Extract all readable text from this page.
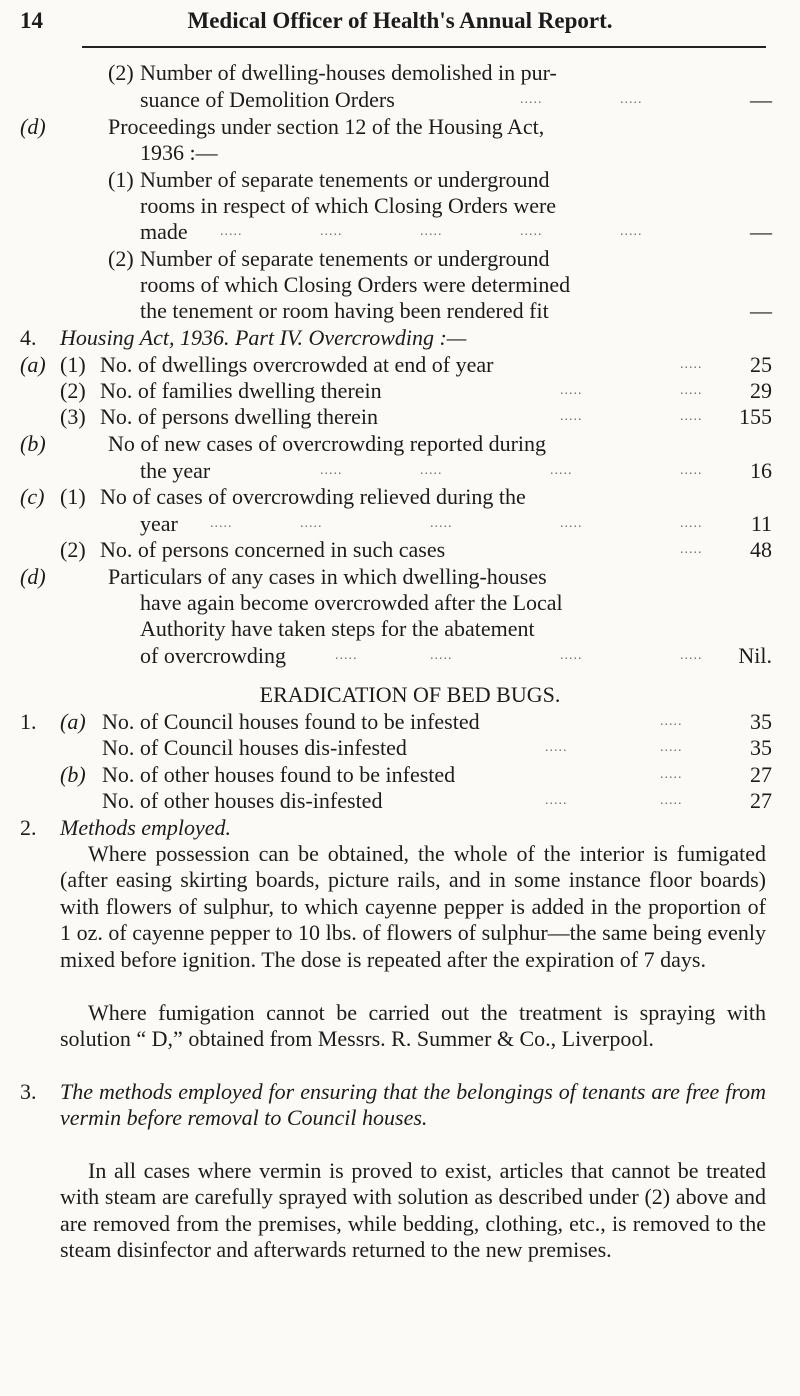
14	Medical Officer of Health's Annual Report.
(2) Number of dwelling-houses demolished in pur-
suance of Demolition Orders	.....	.....	—
(d)	Proceedings under section 12 of the Housing Act,
1936 :—
(1) Number of separate tenements or underground
rooms in respect of which Closing Orders were
made .....	.....	.....	.....	.....	—
(2) Number of separate tenements or underground
rooms of which Closing Orders were determined
the tenement or room having been rendered fit	—
4. Housing Act, 1936. Part IV. Overcrowding :—
(a) (1) No. of dwellings overcrowded at end of year	..... 25
(2) No. of families dwelling therein	.....	..... 29
(3) No. of persons dwelling therein	.....	..... 155
(b)	No of new cases of overcrowding reported during
the year	.....	.....	.....	..... 16
(c) (1) No of cases of overcrowding relieved during the
year .....	.....	.....	.....	..... 11
(2) No. of persons concerned in such cases	..... 48
(d)	Particulars of any cases in which dwelling-houses
have again become overcrowded after the Local
Authority have taken steps for the abatement
of overcrowding	.....	.....	.....	..... Nil.
ERADICATION OF BED BUGS.
1. (a) No. of Council houses found to be infested	.....	35
No. of Council houses dis-infested	.....	.....	35
(b) No. of other houses found to be infested	.....	27
No. of other houses dis-infested	.....	.....	27
2. Methods employed.
Where possession can be obtained, the whole of the interior is fumigated (after easing skirting boards, picture rails, and in some instance floor boards) with flowers of sulphur, to which cayenne pepper is added in the proportion of 1 oz. of cayenne pepper to 10 lbs. of flowers of sulphur—the same being evenly mixed before ignition. The dose is repeated after the expiration of 7 days.
Where fumigation cannot be carried out the treatment is spraying with solution “ D,” obtained from Messrs. R. Summer & Co., Liverpool.
3. The methods employed for ensuring that the belongings of tenants are free from vermin before removal to Council houses.
In all cases where vermin is proved to exist, articles that cannot be treated with steam are carefully sprayed with solution as described under (2) above and are removed from the premises, while bedding, clothing, etc., is removed to the steam disinfector and afterwards returned to the new premises.
